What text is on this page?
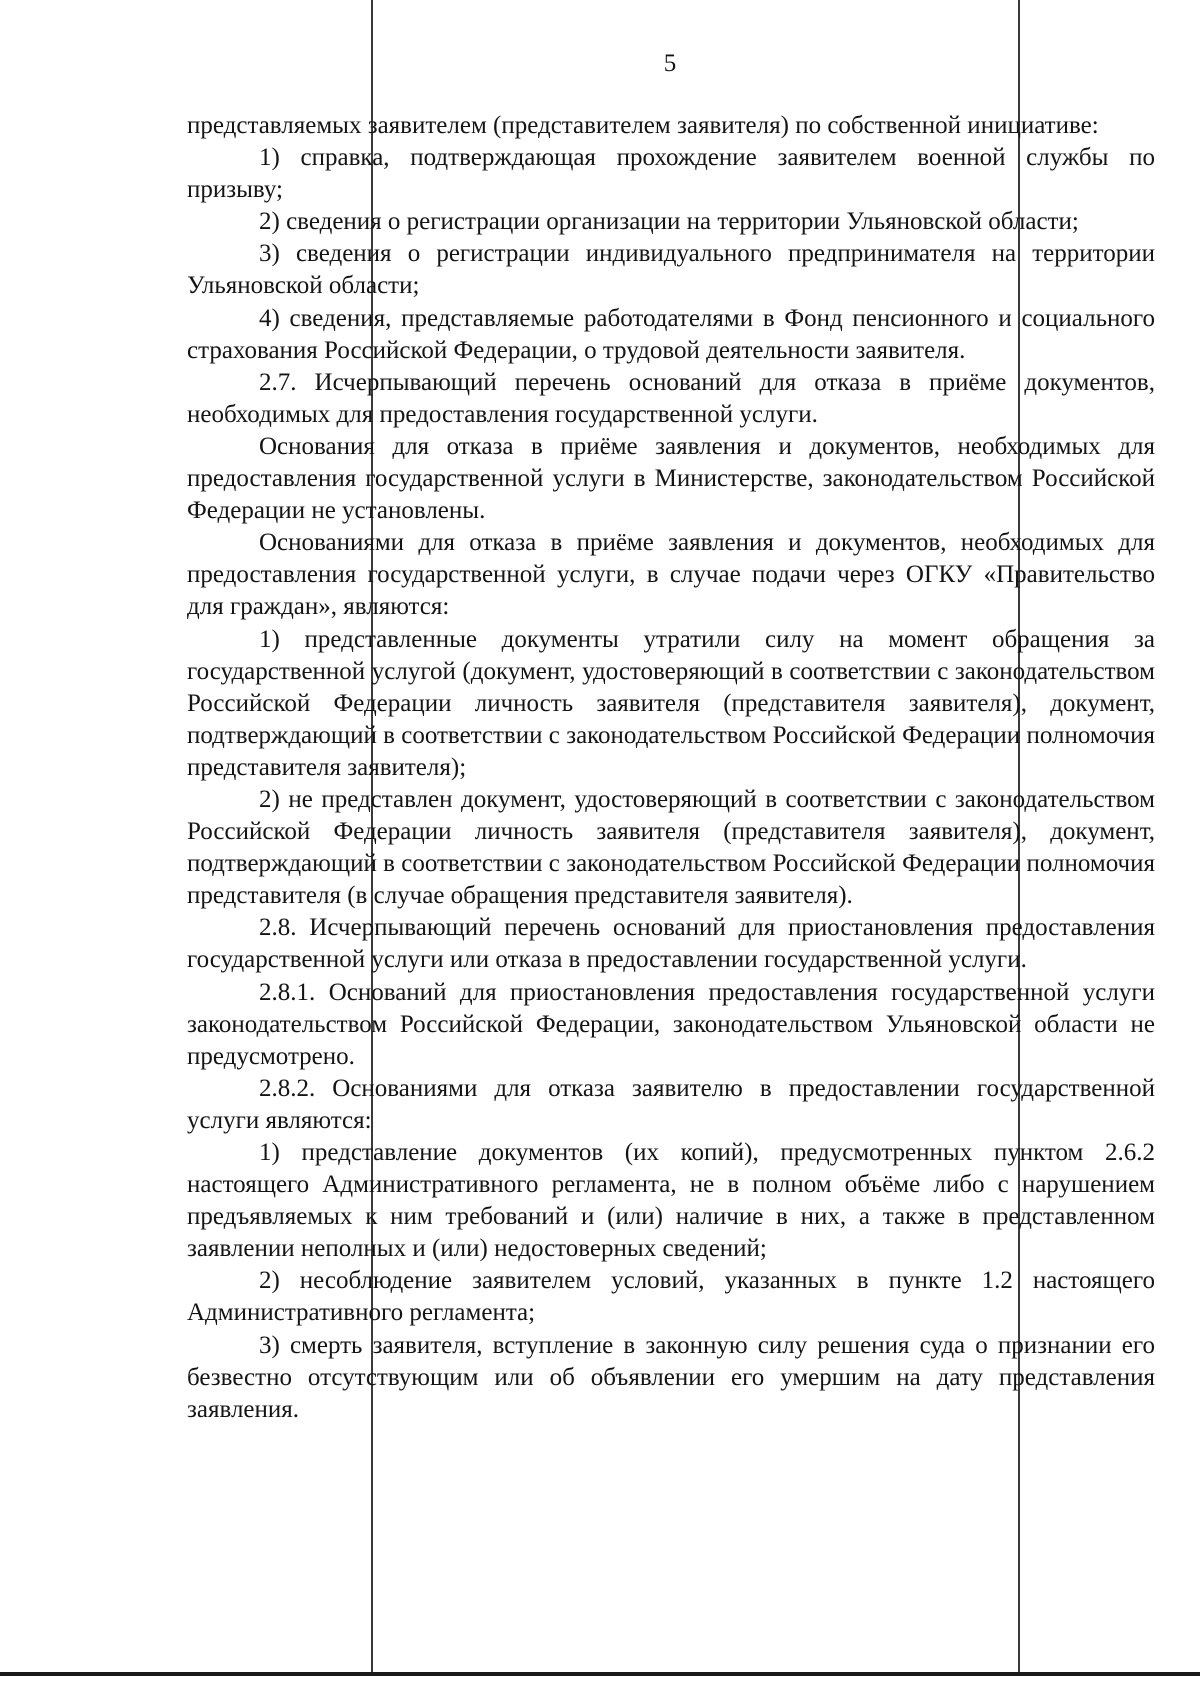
5

представляемых заявителем (представителем заявителя) по собственной инициативе:

1) справка, подтверждающая прохождение заявителем военной службы по призыву;

2) сведения о регистрации организации на территории Ульяновской области;

3) сведения о регистрации индивидуального предпринимателя на территории Ульяновской области;

4) сведения, представляемые работодателями в Фонд пенсионного и социального страхования Российской Федерации, о трудовой деятельности заявителя.

2.7. Исчерпывающий перечень оснований для отказа в приёме документов, необходимых для предоставления государственной услуги.

Основания для отказа в приёме заявления и документов, необходимых для предоставления государственной услуги в Министерстве, законодательством Российской Федерации не установлены.

Основаниями для отказа в приёме заявления и документов, необходимых для предоставления государственной услуги, в случае подачи через ОГКУ «Правительство для граждан», являются:

1) представленные документы утратили силу на момент обращения за государственной услугой (документ, удостоверяющий в соответствии с законодательством Российской Федерации личность заявителя (представителя заявителя), документ, подтверждающий в соответствии с законодательством Российской Федерации полномочия представителя заявителя);

2) не представлен документ, удостоверяющий в соответствии с законодательством Российской Федерации личность заявителя (представителя заявителя), документ, подтверждающий в соответствии с законодательством Российской Федерации полномочия представителя (в случае обращения представителя заявителя).

2.8. Исчерпывающий перечень оснований для приостановления предоставления государственной услуги или отказа в предоставлении государственной услуги.

2.8.1. Оснований для приостановления предоставления государственной услуги законодательством Российской Федерации, законодательством Ульяновской области не предусмотрено.

2.8.2. Основаниями для отказа заявителю в предоставлении государственной услуги являются:

1) представление документов (их копий), предусмотренных пунктом 2.6.2 настоящего Административного регламента, не в полном объёме либо с нарушением предъявляемых к ним требований и (или) наличие в них, а также в представленном заявлении неполных и (или) недостоверных сведений;

2) несоблюдение заявителем условий, указанных в пункте 1.2 настоящего Административного регламента;

3) смерть заявителя, вступление в законную силу решения суда о признании его безвестно отсутствующим или об объявлении его умершим на дату представления заявления.
